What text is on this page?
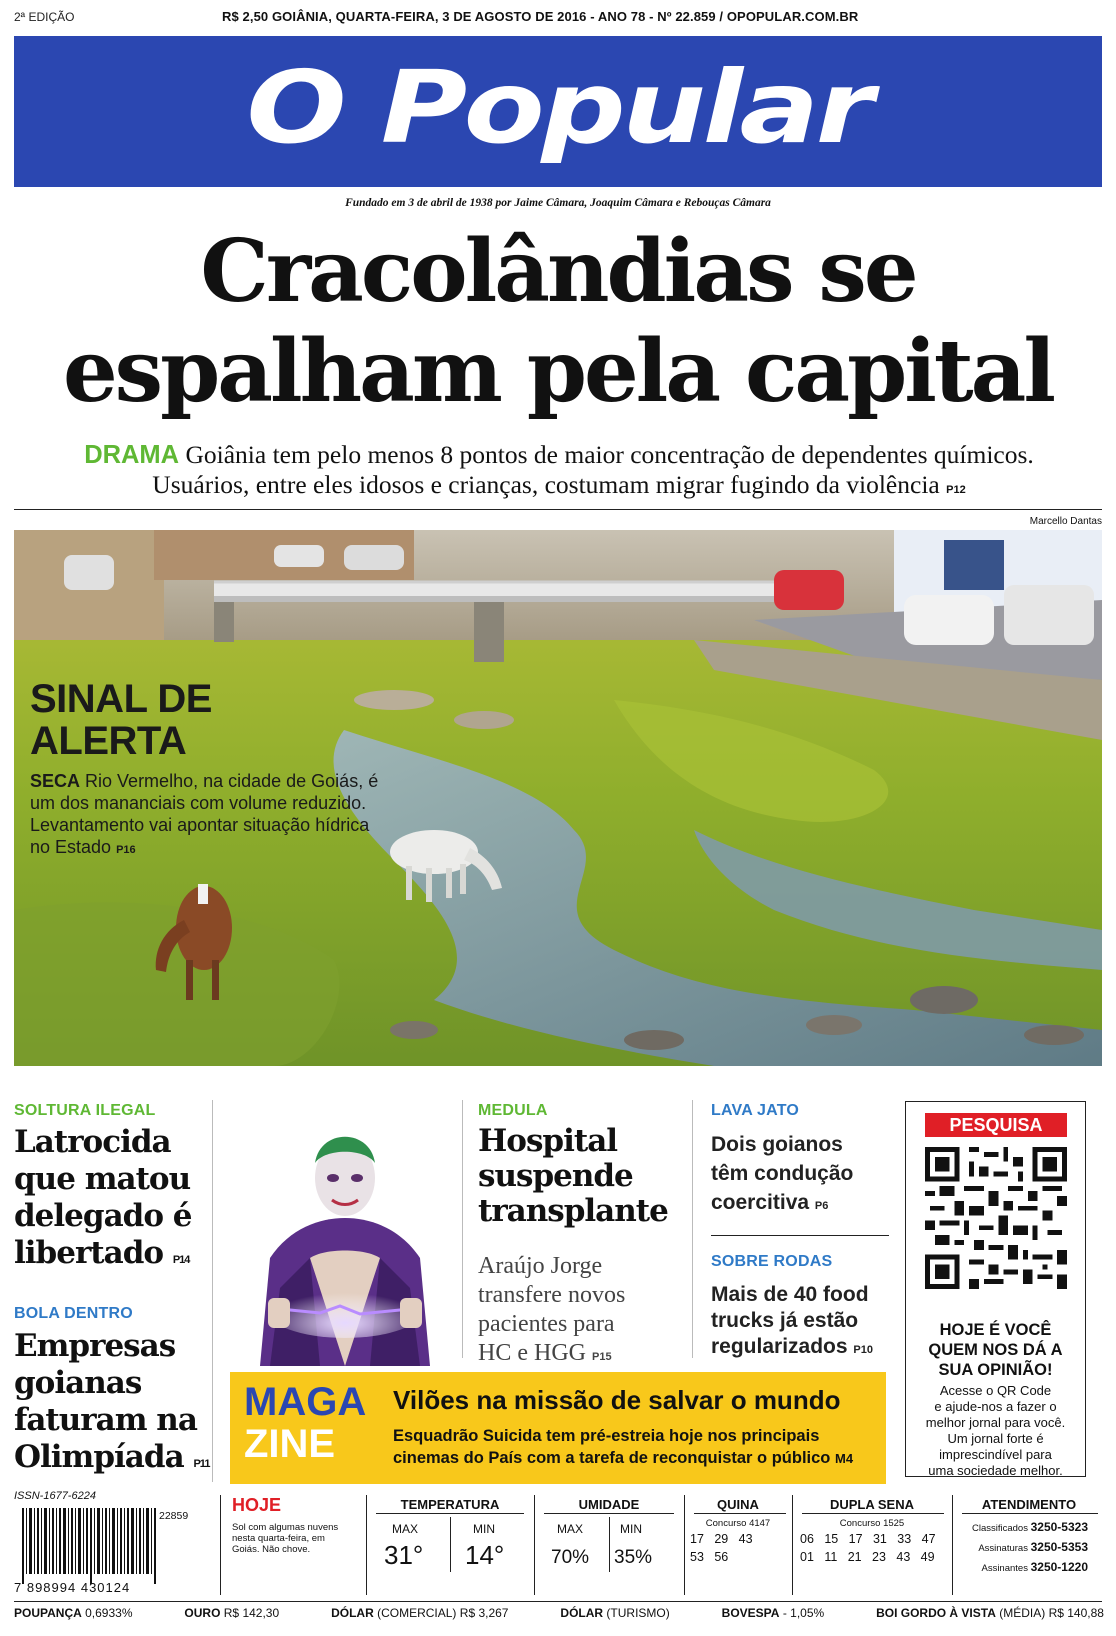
2ª EDIÇÃO	R$ 2,50 GOIÂNIA, QUARTA-FEIRA, 3 DE AGOSTO DE 2016 - ANO 78 - Nº 22.859 / OPOPULAR.COM.BR
O Popular
Fundado em 3 de abril de 1938 por Jaime Câmara, Joaquim Câmara e Rebouças Câmara
Cracolândias se
espalham pela capital
DRAMA Goiânia tem pelo menos 8 pontos de maior concentração de dependentes químicos.
Usuários, entre eles idosos e crianças, costumam migrar fugindo da violência P12
Marcello Dantas
SINAL DE
ALERTA
SECA Rio Vermelho, na cidade de Goiás, é um dos mananciais com volume reduzido. Levantamento vai apontar situação hídrica no Estado P16
SOLTURA ILEGAL
Latrocida
que matou
delegado é
libertado P14
BOLA DENTRO
Empresas
goianas
faturam na
Olimpíada P11
MEDULA
Hospital
suspende
transplante
Araújo Jorge
transfere novos
pacientes para
HC e HGG P15
LAVA JATO
Dois goianos
têm condução
coercitiva P6
SOBRE RODAS
Mais de 40 food
trucks já estão
regularizados P10
PESQUISA
HOJE É VOCÊ
QUEM NOS DÁ A
SUA OPINIÃO!
Acesse o QR Code
e ajude-nos a fazer o
melhor jornal para você.
Um jornal forte é
imprescindível para
uma sociedade melhor.
MAGA
ZINE
Vilões na missão de salvar o mundo
Esquadrão Suicida tem pré-estreia hoje nos principais
cinemas do País com a tarefa de reconquistar o público M4
ISSN-1677-6224
22859
7 898994 430124
HOJE
Sol com algumas nuvens
nesta quarta-feira, em
Goiás. Não chove.
TEMPERATURA
MAX	MIN
31° 14°
UMIDADE
MAX	MIN
70% 35%
QUINA
Concurso 4147
17   29   43
53   56
DUPLA SENA
Concurso 1525
06   15   17   31   33   47
01   11   21   23   43   49
ATENDIMENTO
Classificados 3250-5323
Assinaturas 3250-5353
Assinantes 3250-1220
POUPANÇA 0,6933%	OURO R$ 142,30	DÓLAR (COMERCIAL) R$ 3,267	DÓLAR (TURISMO)	BOVESPA - 1,05%	BOI GORDO À VISTA (MÉDIA) R$ 140,88
